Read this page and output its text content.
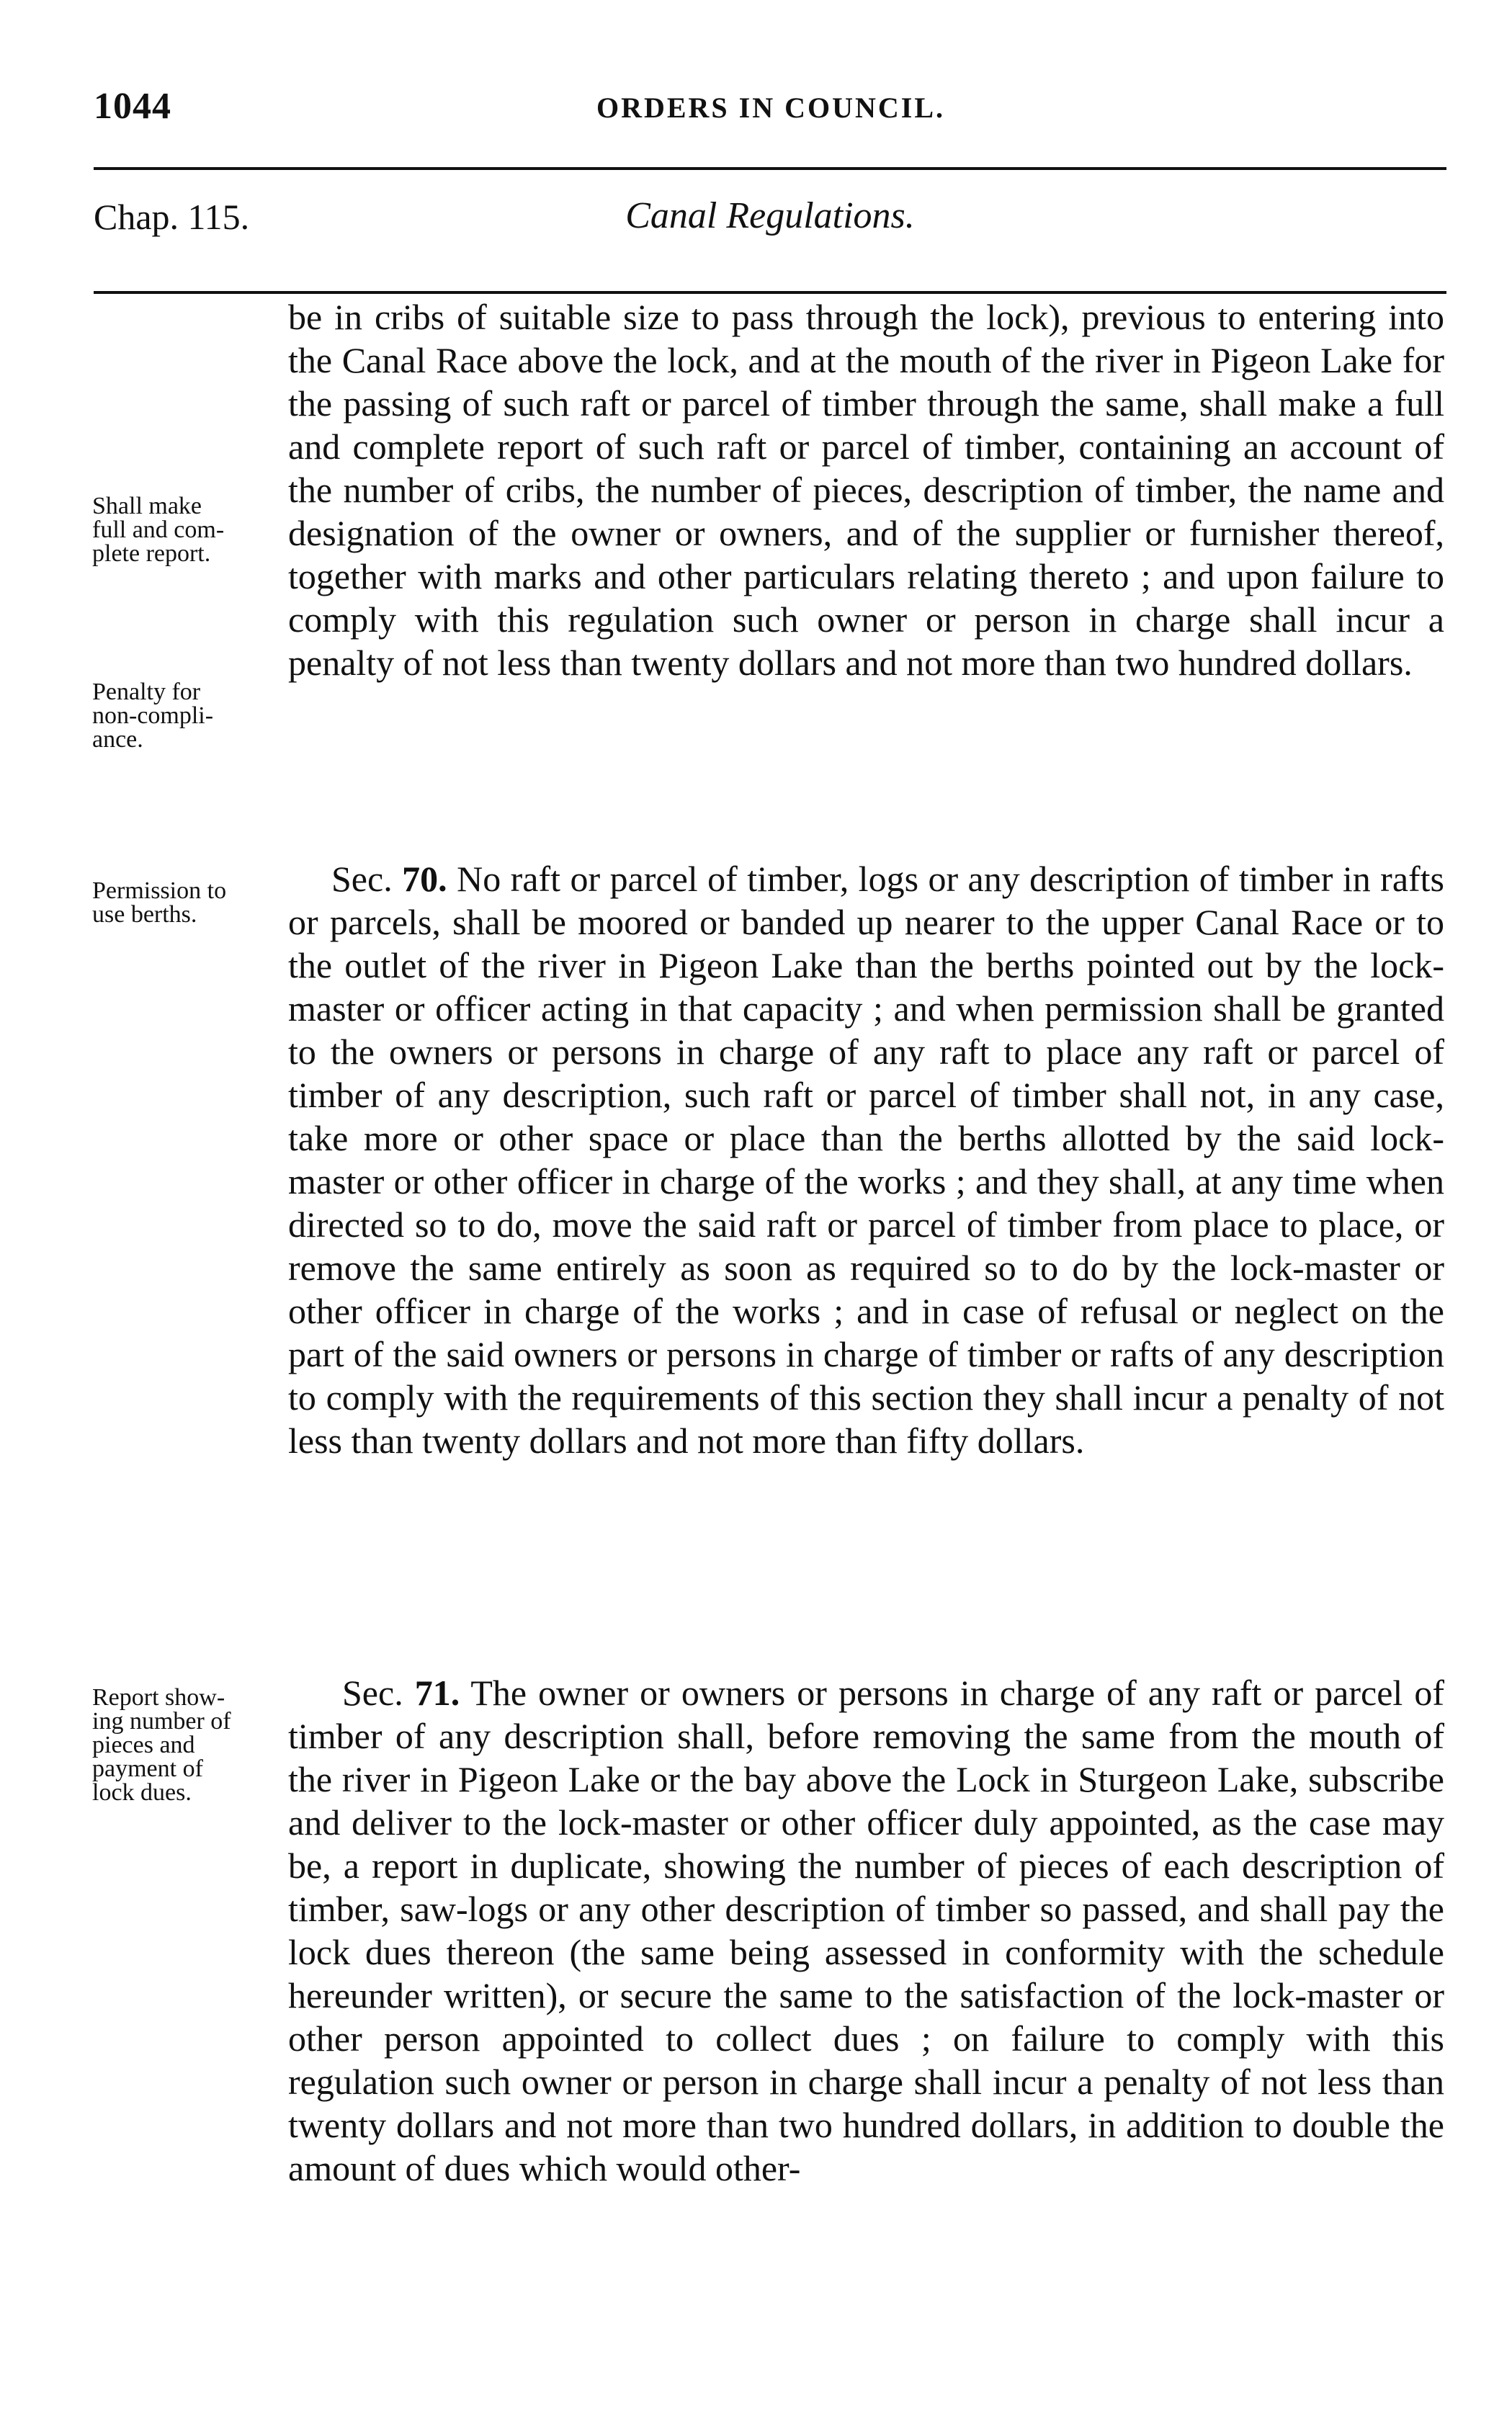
1044	ORDERS IN COUNCIL.
Chap. 115.	Canal Regulations.
Shall make
full and com-
plete report.
Penalty for
non-compli-
ance.
Permission to
use berths.
Report show-
ing number of
pieces and
payment of
lock dues.

be in cribs of suitable size to pass through the lock), previous to entering into the Canal Race above the lock, and at the mouth of the river in Pigeon Lake for the passing of such raft or parcel of timber through the same, shall make a full and complete report of such raft or parcel of timber, containing an account of the number of cribs, the number of pieces, description of timber, the name and designation of the owner or owners, and of the supplier or furnisher thereof, together with marks and other particulars relating thereto ; and upon failure to comply with this regulation such owner or person in charge shall incur a penalty of not less than twenty dollars and not more than two hundred dollars.

Sec. 70. No raft or parcel of timber, logs or any description of timber in rafts or parcels, shall be moored or banded up nearer to the upper Canal Race or to the outlet of the river in Pigeon Lake than the berths pointed out by the lock-master or officer acting in that capacity ; and when permission shall be granted to the owners or persons in charge of any raft to place any raft or parcel of timber of any description, such raft or parcel of timber shall not, in any case, take more or other space or place than the berths allotted by the said lock-master or other officer in charge of the works ; and they shall, at any time when directed so to do, move the said raft or parcel of timber from place to place, or remove the same entirely as soon as required so to do by the lock-master or other officer in charge of the works ; and in case of refusal or neglect on the part of the said owners or persons in charge of timber or rafts of any description to comply with the requirements of this section they shall incur a penalty of not less than twenty dollars and not more than fifty dollars.

Sec. 71. The owner or owners or persons in charge of any raft or parcel of timber of any description shall, before removing the same from the mouth of the river in Pigeon Lake or the bay above the Lock in Sturgeon Lake, subscribe and deliver to the lock-master or other officer duly appointed, as the case may be, a report in duplicate, showing the number of pieces of each description of timber, saw-logs or any other description of timber so passed, and shall pay the lock dues thereon (the same being assessed in conformity with the schedule hereunder written), or secure the same to the satisfaction of the lock-master or other person appointed to collect dues ; on failure to comply with this regulation such owner or person in charge shall incur a penalty of not less than twenty dollars and not more than two hundred dollars, in addition to double the amount of dues which would other-
